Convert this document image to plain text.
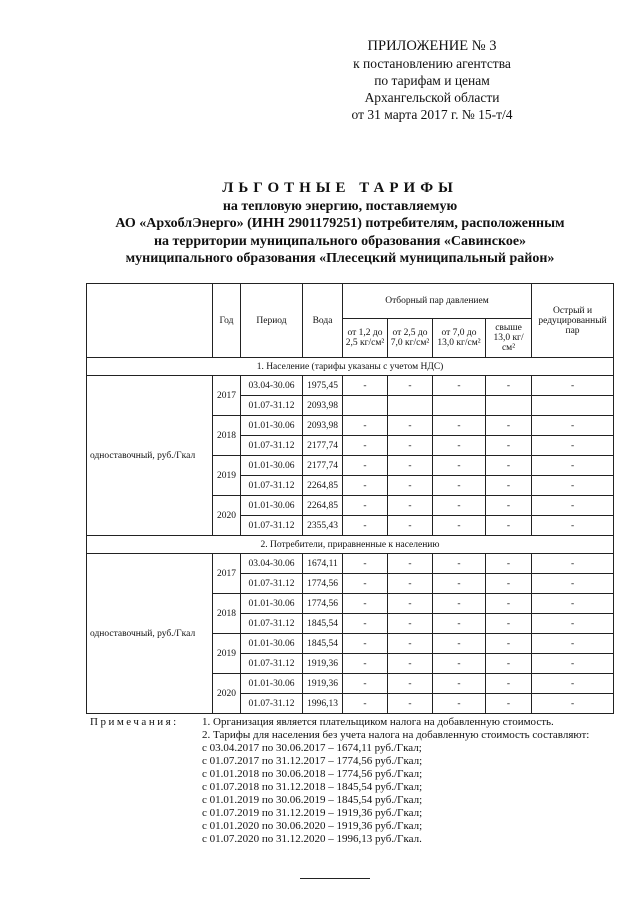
ПРИЛОЖЕНИЕ № 3
к постановлению агентства
по тарифам и ценам
Архангельской области
от 31 марта 2017 г. № 15-т/4
ЛЬГОТНЫЕ ТАРИФЫ
на тепловую энергию, поставляемую
АО «АрхоблЭнерго» (ИНН 2901179251) потребителям, расположенным
на территории муниципального образования «Савинское»
муниципального образования «Плесецкий муниципальный район»
	Год	Период	Вода	Отборный пар давлением				Острый и редуцированный пар
				от 1,2 до 2,5 кг/см²	от 2,5 до 7,0 кг/см²	от 7,0 до 13,0 кг/см²	свыше 13,0 кг/см²	
1. Население (тарифы указаны с учетом НДС)								
одноставочный, руб./Гкал	2017	03.04-30.06	1975,45	-	-	-	-	-
		01.07-31.12	2093,98					
	2018	01.01-30.06	2093,98	-	-	-	-	-
		01.07-31.12	2177,74	-	-	-	-	-
	2019	01.01-30.06	2177,74	-	-	-	-	-
		01.07-31.12	2264,85	-	-	-	-	-
	2020	01.01-30.06	2264,85	-	-	-	-	-
		01.07-31.12	2355,43	-	-	-	-	-
2. Потребители, приравненные к населению								
одноставочный, руб./Гкал	2017	03.04-30.06	1674,11	-	-	-	-	-
		01.07-31.12	1774,56	-	-	-	-	-
	2018	01.01-30.06	1774,56	-	-	-	-	-
		01.07-31.12	1845,54	-	-	-	-	-
	2019	01.01-30.06	1845,54	-	-	-	-	-
		01.07-31.12	1919,36	-	-	-	-	-
	2020	01.01-30.06	1919,36	-	-	-	-	-
		01.07-31.12	1996,13	-	-	-	-	-
Примечания: 1. Организация является плательщиком налога на добавленную стоимость.
2. Тарифы для населения без учета налога на добавленную стоимость составляют:
с 03.04.2017 по 30.06.2017 – 1674,11 руб./Гкал;
с 01.07.2017 по 31.12.2017 – 1774,56 руб./Гкал;
с 01.01.2018 по 30.06.2018 – 1774,56 руб./Гкал;
с 01.07.2018 по 31.12.2018 – 1845,54 руб./Гкал;
с 01.01.2019 по 30.06.2019 – 1845,54 руб./Гкал;
с 01.07.2019 по 31.12.2019 – 1919,36 руб./Гкал;
с 01.01.2020 по 30.06.2020 – 1919,36 руб./Гкал;
с 01.07.2020 по 31.12.2020 – 1996,13 руб./Гкал.
